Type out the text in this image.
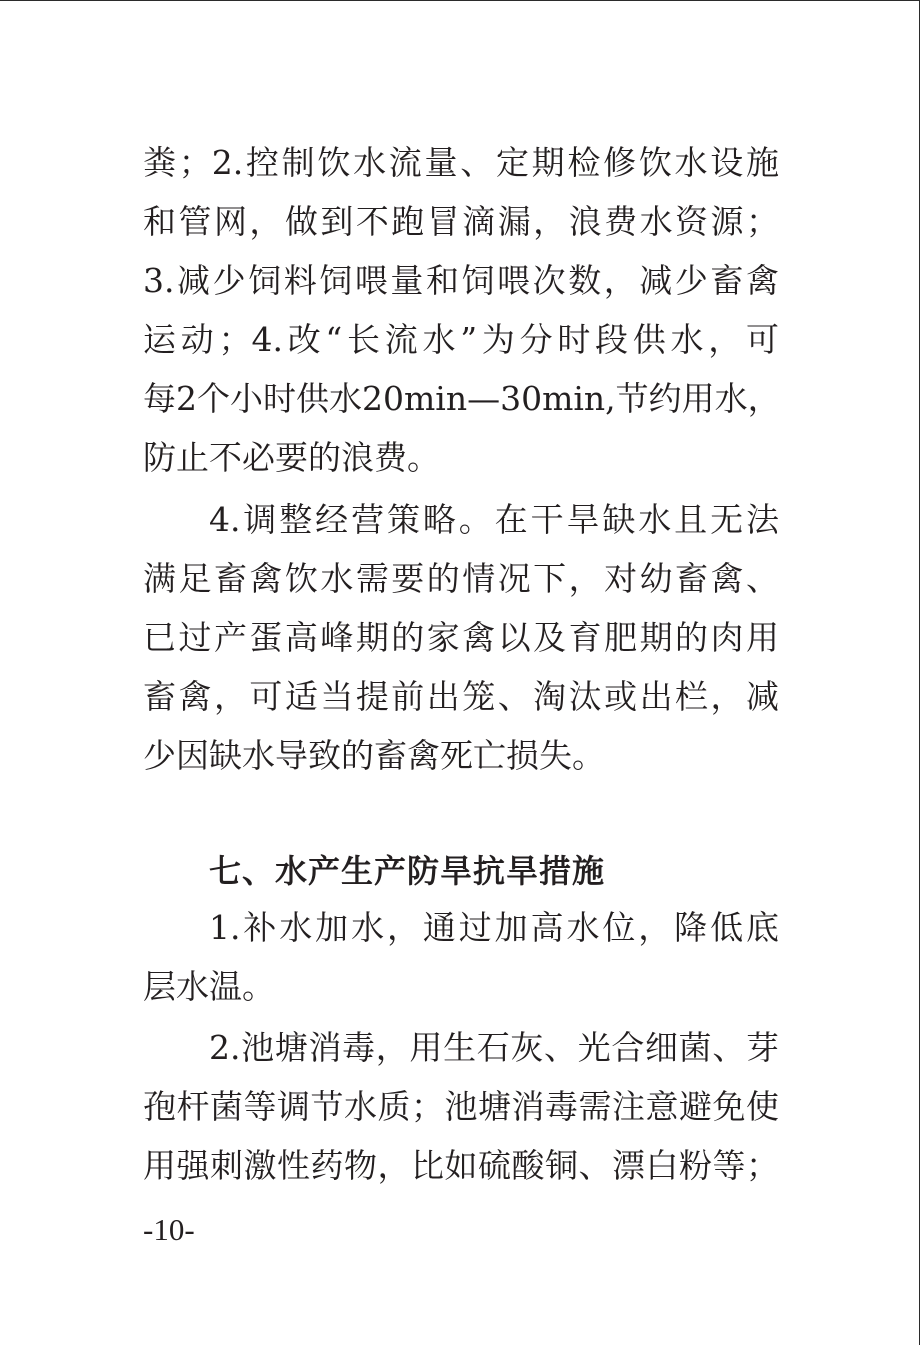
粪；2.控制饮水流量、定期检修饮水设施
和管网，做到不跑冒滴漏，浪费水资源；
3.减少饲料饲喂量和饲喂次数，减少畜禽
运动；4.改“长流水”为分时段供水，可
每2个小时供水20min—30min,节约用水，
防止不必要的浪费。
4.调整经营策略。在干旱缺水且无法
满足畜禽饮水需要的情况下，对幼畜禽、
已过产蛋高峰期的家禽以及育肥期的肉用
畜禽，可适当提前出笼、淘汰或出栏，减
少因缺水导致的畜禽死亡损失。
七、水产生产防旱抗旱措施
1.补水加水，通过加高水位，降低底
层水温。
2.池塘消毒，用生石灰、光合细菌、芽
孢杆菌等调节水质；池塘消毒需注意避免使
用强刺激性药物，比如硫酸铜、漂白粉等；
-10-
